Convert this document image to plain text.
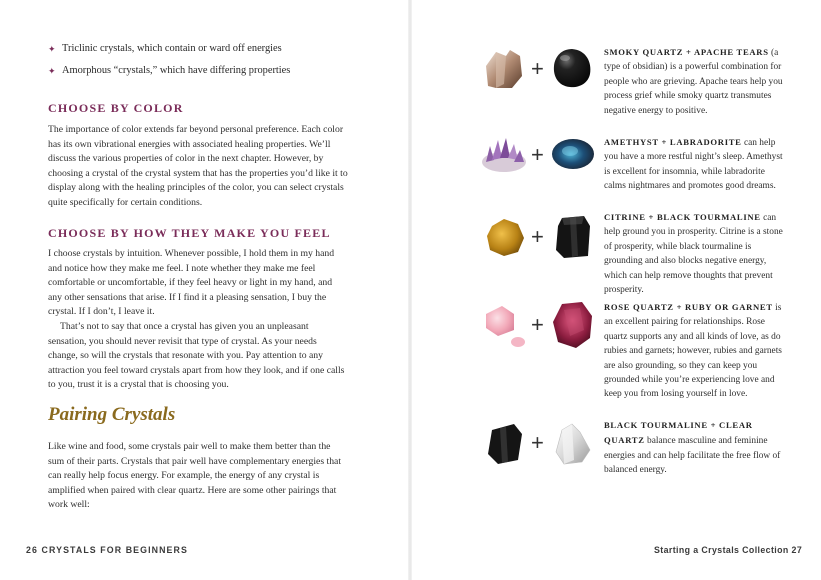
✦ Triclinic crystals, which contain or ward off energies
✦ Amorphous “crystals,” which have differing properties
CHOOSE BY COLOR

The importance of color extends far beyond personal preference. Each color has its own vibrational energies with associated healing properties. We’ll discuss the various properties of color in the next chapter. However, by choosing a crystal of the crystal system that has the properties you’d like it to display along with the healing principles of the color, you can select crystals quite specifically for certain conditions.

CHOOSE BY HOW THEY MAKE YOU FEEL

I choose crystals by intuition. Whenever possible, I hold them in my hand and notice how they make me feel. I note whether they make me feel comfortable or uncomfortable, if they feel heavy or light in my hand, and any other sensations that arise. If I find it a pleasing sensation, I buy the crystal. If I don’t, I leave it.

That’s not to say that once a crystal has given you an unpleasant sensation, you should never revisit that type of crystal. As your needs change, so will the crystals that resonate with you. Pay attention to any attraction you feel toward crystals apart from how they look, and if one calls to you, trust it is a crystal that is choosing you.

Pairing Crystals

Like wine and food, some crystals pair well to make them better than the sum of their parts. Crystals that pair well have complementary energies that can really help focus energy. For example, the energy of any crystal is amplified when paired with clear quartz. Here are some other pairings that work well:

26 CRYSTALS FOR BEGINNERS
+
+
+
+
+

SMOKY QUARTZ + APACHE TEARS (a type of obsidian) is a powerful combination for people who are grieving. Apache tears help you process grief while smoky quartz transmutes negative energy to positive.

AMETHYST + LABRADORITE can help you have a more restful night’s sleep. Amethyst is excellent for insomnia, while labradorite calms nightmares and promotes good dreams.

CITRINE + BLACK TOURMALINE can help ground you in prosperity. Citrine is a stone of prosperity, while black tourmaline is grounding and also blocks negative energy, which can help remove thoughts that prevent prosperity.

ROSE QUARTZ + RUBY OR GARNET is an excellent pairing for relationships. Rose quartz supports any and all kinds of love, as do rubies and garnets; however, rubies and garnets are also grounding, so they can keep you grounded while you’re experiencing love and keep you from losing yourself in love.

BLACK TOURMALINE + CLEAR QUARTZ balance masculine and feminine energies and can help facilitate the free flow of balanced energy.

Starting a Crystals Collection 27
